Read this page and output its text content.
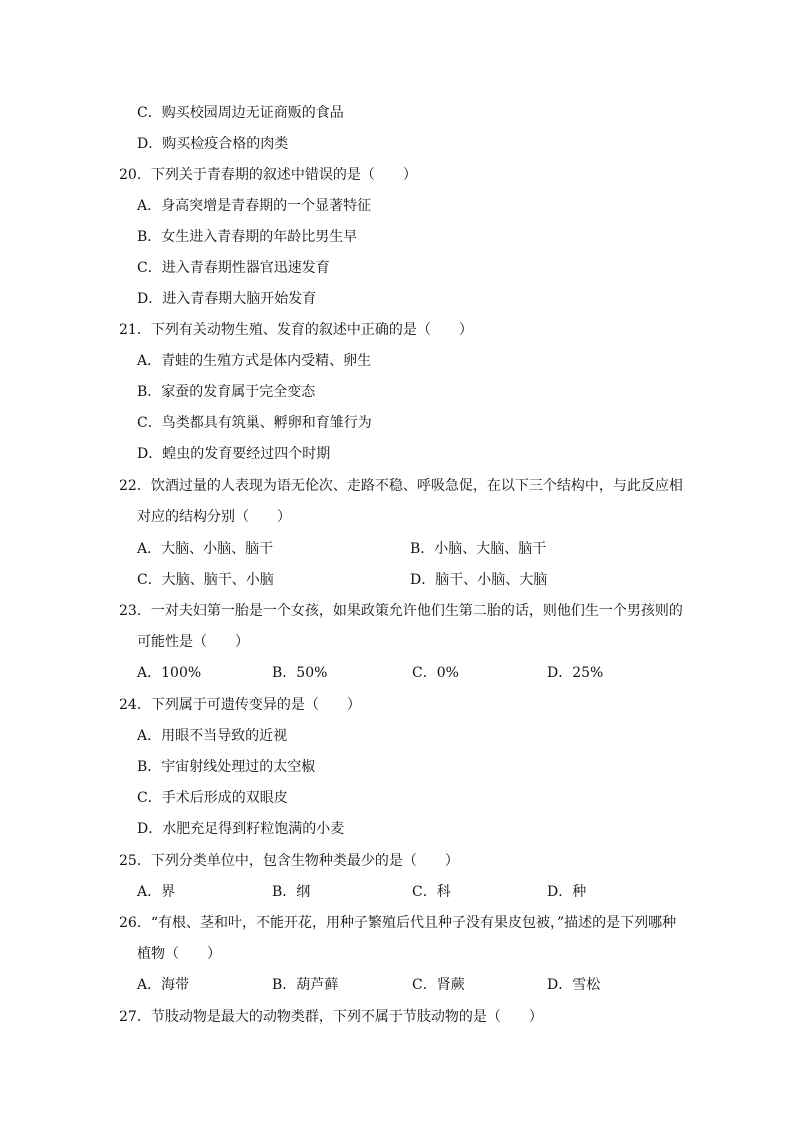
C．购买校园周边无证商贩的食品
D．购买检疫合格的肉类
20．下列关于青春期的叙述中错误的是（　　）
A．身高突增是青春期的一个显著特征
B．女生进入青春期的年龄比男生早
C．进入青春期性器官迅速发育
D．进入青春期大脑开始发育
21．下列有关动物生殖、发育的叙述中正确的是（　　）
A．青蛙的生殖方式是体内受精、卵生
B．家蚕的发育属于完全变态
C．鸟类都具有筑巢、孵卵和育雏行为
D．蝗虫的发育要经过四个时期
22．饮酒过量的人表现为语无伦次、走路不稳、呼吸急促，在以下三个结构中，与此反应相
对应的结构分别（　　）
A．大脑、小脑、脑干	B．小脑、大脑、脑干
C．大脑、脑干、小脑	D．脑干、小脑、大脑
23．一对夫妇第一胎是一个女孩，如果政策允许他们生第二胎的话，则他们生一个男孩则的
可能性是（　　）
A．100%	B．50%	C．0%	D．25%
24．下列属于可遗传变异的是（　　）
A．用眼不当导致的近视
B．宇宙射线处理过的太空椒
C．手术后形成的双眼皮
D．水肥充足得到籽粒饱满的小麦
25．下列分类单位中，包含生物种类最少的是（　　）
A．界	B．纲	C．科	D．种
26．“有根、茎和叶，不能开花，用种子繁殖后代且种子没有果皮包被，”描述的是下列哪种
植物（　　）
A．海带	B．葫芦藓	C．肾蕨	D．雪松
27．节肢动物是最大的动物类群，下列不属于节肢动物的是（　　）
